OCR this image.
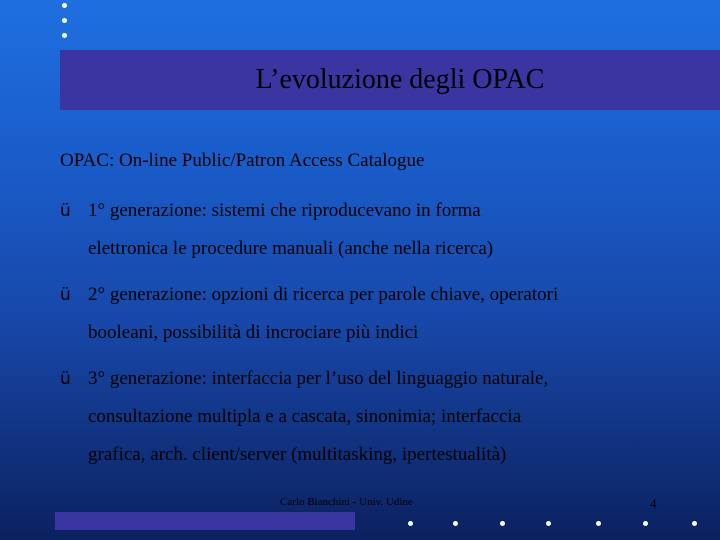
L’evoluzione degli OPAC
OPAC: On-line Public/Patron Access Catalogue
ü 1° generazione: sistemi che riproducevano in forma
elettronica le procedure manuali (anche nella ricerca)
ü 2° generazione: opzioni di ricerca per parole chiave, operatori
booleani, possibilità di incrociare più indici
ü 3° generazione: interfaccia per l’uso del linguaggio naturale,
consultazione multipla e a cascata, sinonimia; interfaccia
grafica, arch. client/server (multitasking, ipertestualità)
Carlo Bianchini - Univ. Udine	4
